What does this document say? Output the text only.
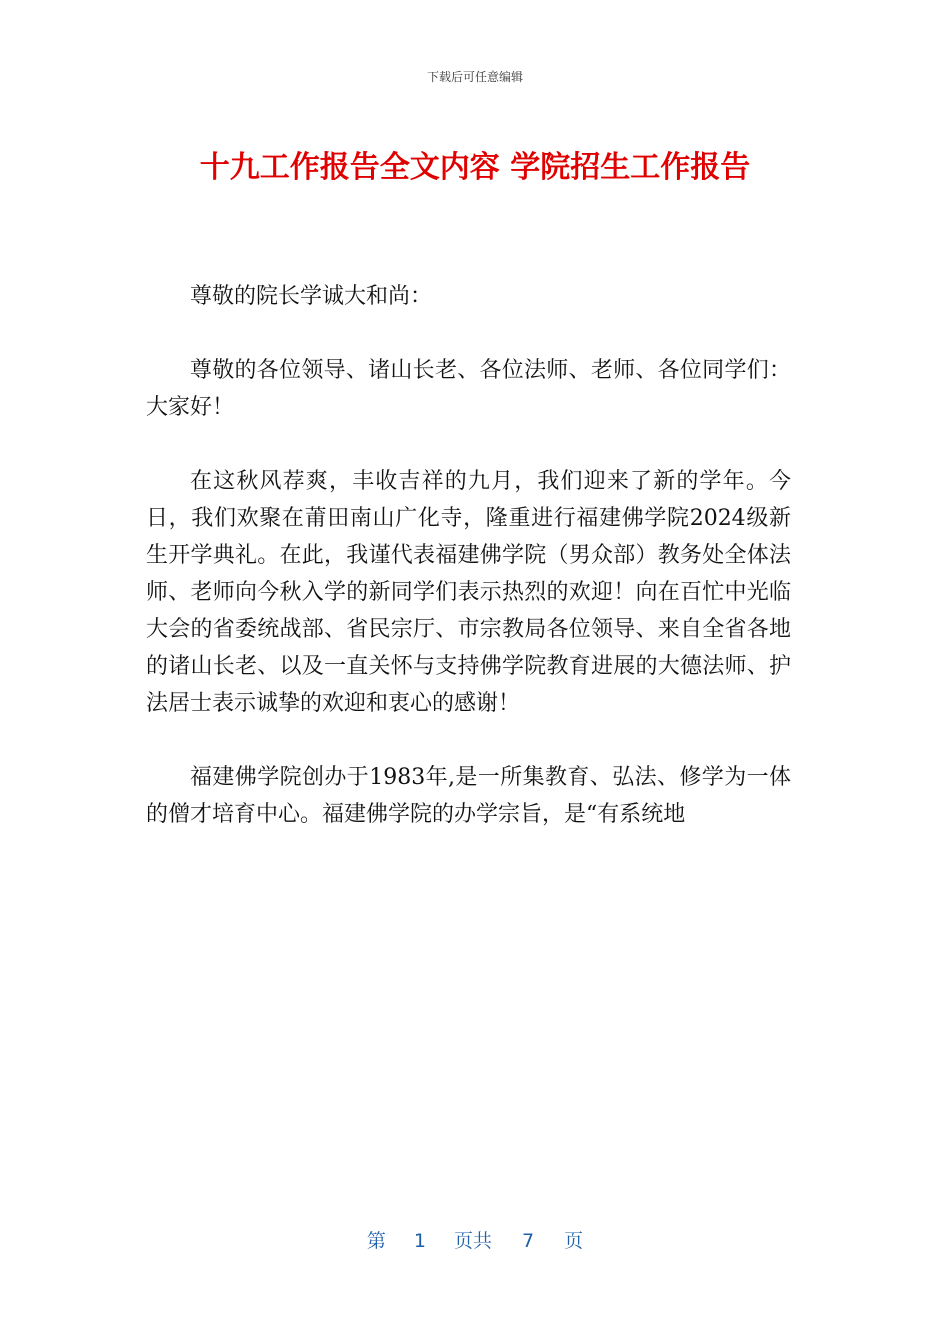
下载后可任意编辑
十九工作报告全文内容 学院招生工作报告

尊敬的院长学诚大和尚：

尊敬的各位领导、诸山长老、各位法师、老师、各位同学们：大家好！

在这秋风荐爽，丰收吉祥的九月，我们迎来了新的学年。今日，我们欢聚在莆田南山广化寺，隆重进行福建佛学院2024级新生开学典礼。在此，我谨代表福建佛学院（男众部）教务处全体法师、老师向今秋入学的新同学们表示热烈的欢迎！向在百忙中光临大会的省委统战部、省民宗厅、市宗教局各位领导、来自全省各地的诸山长老、以及一直关怀与支持佛学院教育进展的大德法师、护法居士表示诚挚的欢迎和衷心的感谢！

福建佛学院创办于1983年,是一所集教育、弘法、修学为一体的僧才培育中心。福建佛学院的办学宗旨，是“有系统地

第 1 页共 7 页
